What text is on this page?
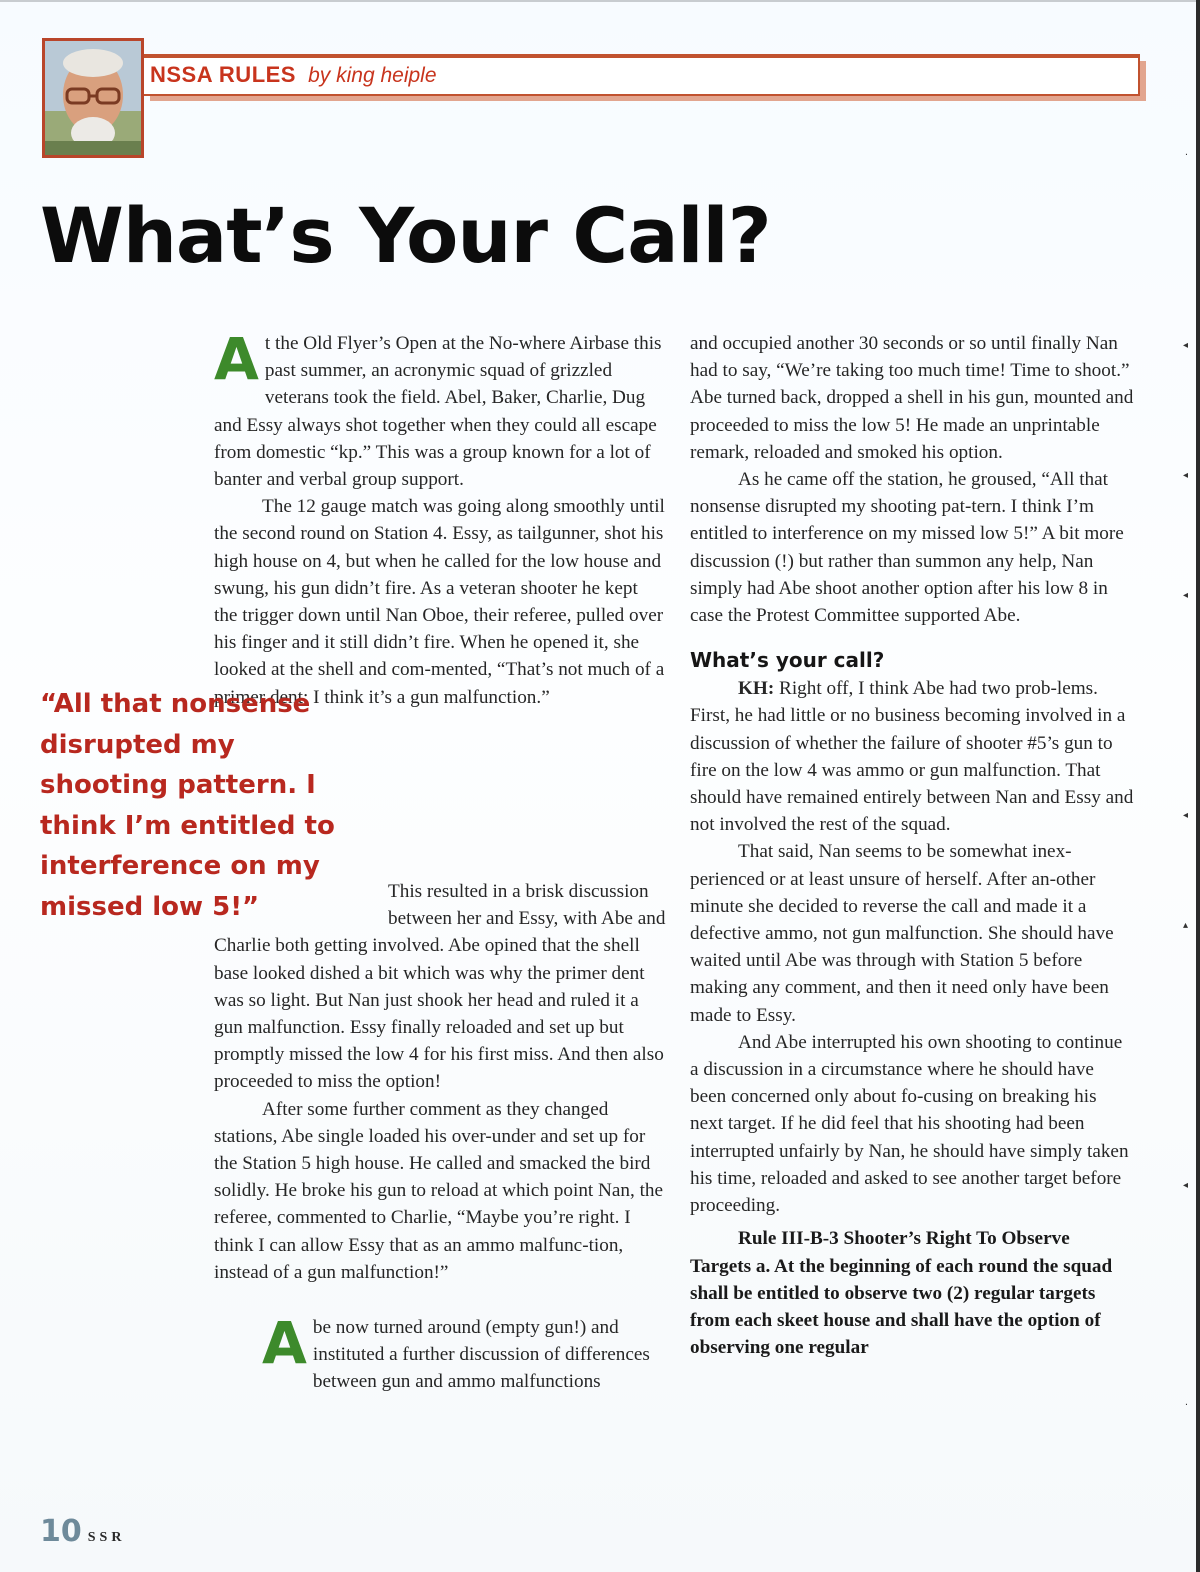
NSSA RULES by king heiple
What’s Your Call?

At the Old Flyer’s Open at the No-where Airbase this past summer, an acronymic squad of grizzled veterans took the field. Abel, Baker, Charlie, Dug and Essy always shot together when they could all escape from domestic “kp.” This was a group known for a lot of banter and verbal group support.

The 12 gauge match was going along smoothly until the second round on Station 4. Essy, as tailgunner, shot his high house on 4, but when he called for the low house and swung, his gun didn’t fire. As a veteran shooter he kept the trigger down until Nan Oboe, their referee, pulled over his finger and it still didn’t fire. When he opened it, she looked at the shell and com-mented, “That’s not much of a primer dent; I think it’s a gun malfunction.”

This resulted in a brisk discussion between her and Essy, with Abe and Charlie both getting involved. Abe opined that the shell base looked dished a bit which was why the primer dent was so light. But Nan just shook her head and ruled it a gun malfunction. Essy finally reloaded and set up but promptly missed the low 4 for his first miss. And then also proceeded to miss the option!

After some further comment as they changed stations, Abe single loaded his over-under and set up for the Station 5 high house. He called and smacked the bird solidly. He broke his gun to reload at which point Nan, the referee, commented to Charlie, “Maybe you’re right. I think I can allow Essy that as an ammo malfunc-tion, instead of a gun malfunction!”

Abe now turned around (empty gun!) and instituted a further discussion of differences between gun and ammo malfunctions

“All that nonsense disrupted my shooting pattern. I think I’m entitled to interference on my missed low 5!”

and occupied another 30 seconds or so until finally Nan had to say, “We’re taking too much time! Time to shoot.” Abe turned back, dropped a shell in his gun, mounted and proceeded to miss the low 5! He made an unprintable remark, reloaded and smoked his option.

As he came off the station, he groused, “All that nonsense disrupted my shooting pat-tern. I think I’m entitled to interference on my missed low 5!” A bit more discussion (!) but rather than summon any help, Nan simply had Abe shoot another option after his low 8 in case the Protest Committee supported Abe.

What’s your call?

KH: Right off, I think Abe had two prob-lems. First, he had little or no business becoming involved in a discussion of whether the failure of shooter #5’s gun to fire on the low 4 was ammo or gun malfunction. That should have remained entirely between Nan and Essy and not involved the rest of the squad.

That said, Nan seems to be somewhat inex-perienced or at least unsure of herself. After an-other minute she decided to reverse the call and made it a defective ammo, not gun malfunction. She should have waited until Abe was through with Station 5 before making any comment, and then it need only have been made to Essy.

And Abe interrupted his own shooting to continue a discussion in a circumstance where he should have been concerned only about fo-cusing on breaking his next target. If he did feel that his shooting had been interrupted unfairly by Nan, he should have simply taken his time, reloaded and asked to see another target before proceeding.

Rule III-B-3 Shooter’s Right To Observe Targets a. At the beginning of each round the squad shall be entitled to observe two (2) regular targets from each skeet house and shall have the option of observing one regular

10 SSR
·
◂
◂
◂
◂
▴
◂
·
